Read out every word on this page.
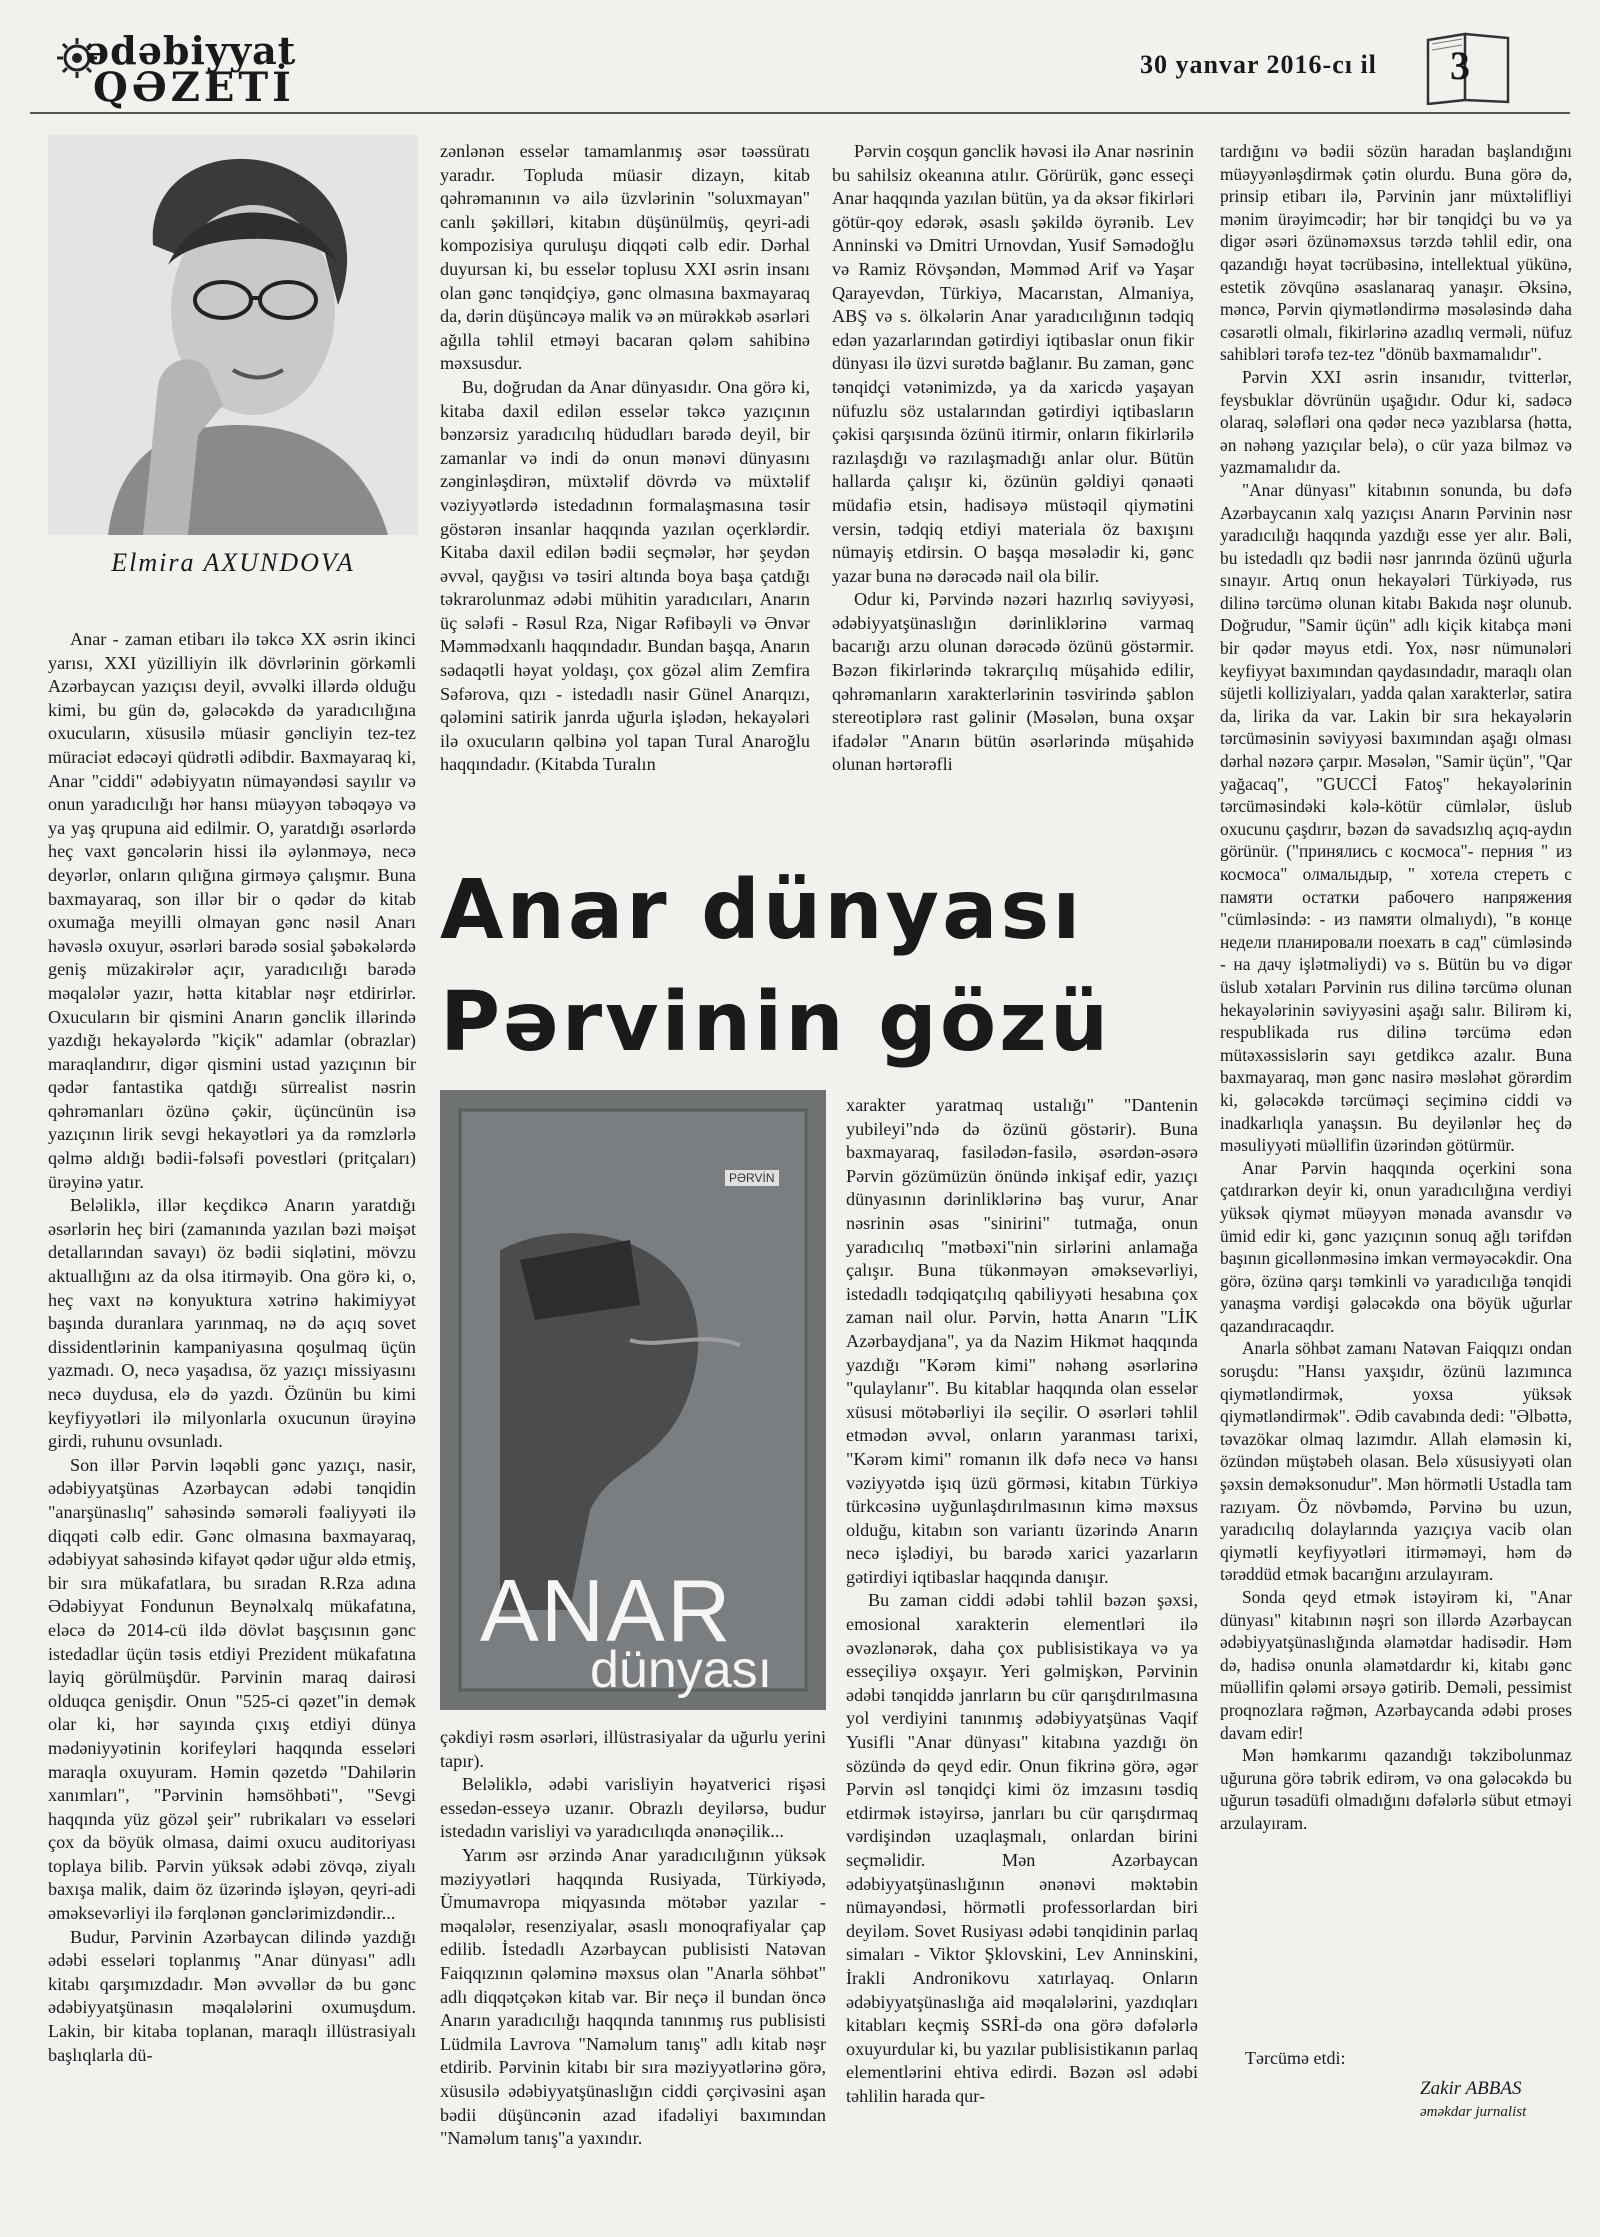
ədəbiyyat
QƏZETİ	30 yanvar 2016-cı il 3
Elmira AXUNDOVA

Anar - zaman etibarı ilə təkcə XX əsrin ikinci yarısı, XXI yüzilliyin ilk dövrlərinin görkəmli Azərbaycan yazıçısı deyil, əvvəlki illərdə olduğu kimi, bu gün də, gələcəkdə də yaradıcılığına oxucuların, xüsusilə müasir gəncliyin tez-tez müraciət edəcəyi qüdrətli ədibdir. Baxmayaraq ki, Anar "ciddi" ədəbiyyatın nümayəndəsi sayılır və onun yaradıcılığı hər hansı müəyyən təbəqəyə və ya yaş qrupuna aid edilmir. O, yaratdığı əsərlərdə heç vaxt gəncələrin hissi ilə əylənməyə, necə deyərlər, onların qılığına girməyə çalışmır. Buna baxmayaraq, son illər bir o qədər də kitab oxumağa meyilli olmayan gənc nəsil Anarı həvəslə oxuyur, əsərləri barədə sosial şəbəkələrdə geniş müzakirələr açır, yaradıcılığı barədə məqalələr yazır, hətta kitablar nəşr etdirirlər. Oxucuların bir qismini Anarın gənclik illərində yazdığı hekayələrdə "kiçik" adamlar (obrazlar) maraqlandırır, digər qismini ustad yazıçının bir qədər fantastika qatdığı sürrealist nəsrin qəhrəmanları özünə çəkir, üçüncünün isə yazıçının lirik sevgi hekayətləri ya da rəmzlərlə qəlmə aldığı bədii-fəlsəfi povestləri (pritçaları) ürəyinə yatır.

Beləliklə, illər keçdikcə Anarın yaratdığı əsərlərin heç biri (zamanında yazılan bəzi məişət detallarından savayı) öz bədii siqlətini, mövzu aktuallığını az da olsa itirməyib. Ona görə ki, o, heç vaxt nə konyuktura xətrinə hakimiyyət başında duranlara yarınmaq, nə də açıq sovet dissidentlərinin kampaniyasına qoşulmaq üçün yazmadı. O, necə yaşadısa, öz yazıçı missiyasını necə duydusa, elə də yazdı. Özünün bu kimi keyfiyyətləri ilə milyonlarla oxucunun ürəyinə girdi, ruhunu ovsunladı.

Son illər Pərvin ləqəbli gənc yazıçı, nasir, ədəbiyyatşünas Azərbaycan ədəbi tənqidin "anarşünaslıq" sahəsində səmərəli fəaliyyəti ilə diqqəti cəlb edir. Gənc olmasına baxmayaraq, ədəbiyyat sahəsində kifayət qədər uğur əldə etmiş, bir sıra mükafatlara, bu sıradan R.Rza adına Ədəbiyyat Fondunun Beynəlxalq mükafatına, eləcə də 2014-cü ildə dövlət başçısının gənc istedadlar üçün təsis etdiyi Prezident mükafatına layiq görülmüşdür. Pərvinin maraq dairəsi olduqca genişdir. Onun "525-ci qəzet"in demək olar ki, hər sayında çıxış etdiyi dünya mədəniyyətinin korifeyləri haqqında esseləri maraqla oxuyuram. Həmin qəzetdə "Dahilərin xanımları", "Pərvinin həmsöhbəti", "Sevgi haqqında yüz gözəl şeir" rubrikaları və esseləri çox da böyük olmasa, daimi oxucu auditoriyası toplaya bilib. Pərvin yüksək ədəbi zövqə, ziyalı baxışa malik, daim öz üzərində işləyən, qeyri-adi əməksevərliyi ilə fərqlənən gənclərimizdəndir...

Budur, Pərvinin Azərbaycan dilində yazdığı ədəbi esseləri toplanmış "Anar dünyası" adlı kitabı qarşımızdadır. Mən əvvəllər də bu gənc ədəbiyyatşünasın məqalələrini oxumuşdum. Lakin, bir kitaba toplanan, maraqlı illüstrasiyalı başlıqlarla dü-

zənlənən esselər tamamlanmış əsər təəssüratı yaradır. Topluda müasir dizayn, kitab qəhrəmanının və ailə üzvlərinin "soluxmayan" canlı şəkilləri, kitabın düşünülmüş, qeyri-adi kompozisiya quruluşu diqqəti cəlb edir. Dərhal duyursan ki, bu esselər toplusu XXI əsrin insanı olan gənc tənqidçiyə, gənc olmasına baxmayaraq da, dərin düşüncəyə malik və ən mürəkkəb əsərləri ağılla təhlil etməyi bacaran qələm sahibinə məxsusdur.

Bu, doğrudan da Anar dünyasıdır. Ona görə ki, kitaba daxil edilən esselər təkcə yazıçının bənzərsiz yaradıcılıq hüdudları barədə deyil, bir zamanlar və indi də onun mənəvi dünyasını zənginləşdirən, müxtəlif dövrdə və müxtəlif vəziyyətlərdə istedadının formalaşmasına təsir göstərən insanlar haqqında yazılan oçerklərdir. Kitaba daxil edilən bədii seçmələr, hər şeydən əvvəl, qayğısı və təsiri altında boya başa çatdığı təkrarolunmaz ədəbi mühitin yaradıcıları, Anarın üç sələfi - Rəsul Rza, Nigar Rəfibəyli və Ənvər Məmmədxanlı haqqındadır. Bundan başqa, Anarın sədaqətli həyat yoldaşı, çox gözəl alim Zemfira Səfərova, qızı - istedadlı nasir Günel Anarqızı, qələmini satirik janrda uğurla işlədən, hekayələri ilə oxucuların qəlbinə yol tapan Tural Anaroğlu haqqındadır. (Kitabda Turalın

Pərvin coşqun gənclik həvəsi ilə Anar nəsrinin bu sahilsiz okeanına atılır. Görürük, gənc esseçi Anar haqqında yazılan bütün, ya da əksər fikirləri götür-qoy edərək, əsaslı şəkildə öyrənib. Lev Anninski və Dmitri Urnovdan, Yusif Səmədoğlu və Ramiz Rövşəndən, Məmməd Arif və Yaşar Qarayevdən, Türkiyə, Macarıstan, Almaniya, ABŞ və s. ölkələrin Anar yaradıcılığının tədqiq edən yazarlarından gətirdiyi iqtibaslar onun fikir dünyası ilə üzvi surətdə bağlanır. Bu zaman, gənc tənqidçi vətənimizdə, ya da xaricdə yaşayan nüfuzlu söz ustalarından gətirdiyi iqtibasların çəkisi qarşısında özünü itirmir, onların fikirlərilə razılaşdığı və razılaşmadığı anlar olur. Bütün hallarda çalışır ki, özünün gəldiyi qənaəti müdafiə etsin, hadisəyə müstəqil qiymətini versin, tədqiq etdiyi materiala öz baxışını nümayiş etdirsin. O başqa məsələdir ki, gənc yazar buna nə dərəcədə nail ola bilir.

Odur ki, Pərvində nəzəri hazırlıq səviyyəsi, ədəbiyyatşünaslığın dərinliklərinə varmaq bacarığı arzu olunan dərəcədə özünü göstərmir. Bəzən fikirlərində təkrarçılıq müşahidə edilir, qəhrəmanların xarakterlərinin təsvirində şablon stereotiplərə rast gəlinir (Məsələn, buna oxşar ifadələr "Anarın bütün əsərlərində müşahidə olunan hərtərəfli

Anar dünyası
Pərvinin gözü
PƏRVİN
ANAR
dünyası

çəkdiyi rəsm əsərləri, illüstrasiyalar da uğurlu yerini tapır).

Beləliklə, ədəbi varisliyin həyatverici rişəsi essedən-esseyə uzanır. Obrazlı deyilərsə, budur istedadın varisliyi və yaradıcılıqda ənənəçilik...

Yarım əsr ərzində Anar yaradıcılığının yüksək məziyyətləri haqqında Rusiyada, Türkiyədə, Ümumavropa miqyasında mötəbər yazılar - məqalələr, resenziyalar, əsaslı monoqrafiyalar çap edilib. İstedadlı Azərbaycan publisisti Natəvan Faiqqızının qələminə məxsus olan "Anarla söhbət" adlı diqqətçəkən kitab var. Bir neçə il bundan öncə Anarın yaradıcılığı haqqında tanınmış rus publisisti Lüdmila Lavrova "Naməlum tanış" adlı kitab nəşr etdirib. Pərvinin kitabı bir sıra məziyyətlərinə görə, xüsusilə ədəbiyyatşünaslığın ciddi çərçivəsini aşan bədii düşüncənin azad ifadəliyi baxımından "Naməlum tanış"a yaxındır.

xarakter yaratmaq ustalığı" "Dantenin yubileyi"ndə də özünü göstərir). Buna baxmayaraq, fasilədən-fasilə, əsərdən-əsərə Pərvin gözümüzün önündə inkişaf edir, yazıçı dünyasının dərinliklərinə baş vurur, Anar nəsrinin əsas "sinirini" tutmağa, onun yaradıcılıq "mətbəxi"nin sirlərini anlamağa çalışır. Buna tükənməyən əməksevərliyi, istedadlı tədqiqatçılıq qabiliyyəti hesabına çox zaman nail olur. Pərvin, hətta Anarın "LİK Azərbaydjana", ya da Nazim Hikmət haqqında yazdığı "Kərəm kimi" nəhəng əsərlərinə "qulaylanır". Bu kitablar haqqında olan esselər xüsusi mötəbərliyi ilə seçilir. O əsərləri təhlil etmədən əvvəl, onların yaranması tarixi, "Kərəm kimi" romanın ilk dəfə necə və hansı vəziyyətdə işıq üzü görməsi, kitabın Türkiyə türkcəsinə uyğunlaşdırılmasının kimə məxsus olduğu, kitabın son variantı üzərində Anarın necə işlədiyi, bu barədə xarici yazarların gətirdiyi iqtibaslar haqqında danışır.

Bu zaman ciddi ədəbi təhlil bəzən şəxsi, emosional xarakterin elementləri ilə əvəzlənərək, daha çox publisistikaya və ya esseçiliyə oxşayır. Yeri gəlmişkən, Pərvinin ədəbi tənqiddə janrların bu cür qarışdırılmasına yol verdiyini tanınmış ədəbiyyatşünas Vaqif Yusifli "Anar dünyası" kitabına yazdığı ön sözündə də qeyd edir. Onun fikrinə görə, əgər Pərvin əsl tənqidçi kimi öz imzasını təsdiq etdirmək istəyirsə, janrları bu cür qarışdırmaq vərdişindən uzaqlaşmalı, onlardan birini seçməlidir. Mən Azərbaycan ədəbiyyatşünaslığının ənənəvi məktəbin nümayəndəsi, hörmətli professorlardan biri deyiləm. Sovet Rusiyası ədəbi tənqidinin parlaq simaları - Viktor Şklovskini, Lev Anninskini, İrakli Andronikovu xatırlayaq. Onların ədəbiyyatşünaslığa aid məqalələrini, yazdıqları kitabları keçmiş SSRİ-də ona görə dəfələrlə oxuyurdular ki, bu yazılar publisistikanın parlaq elementlərini ehtiva edirdi. Bəzən əsl ədəbi təhlilin harada qur-

tardığını və bədii sözün haradan başlandığını müəyyənləşdirmək çətin olurdu. Buna görə də, prinsip etibarı ilə, Pərvinin janr müxtəlifliyi mənim ürəyimcədir; hər bir tənqidçi bu və ya digər əsəri özünəməxsus tərzdə təhlil edir, ona qazandığı həyat təcrübəsinə, intellektual yükünə, estetik zövqünə əsaslanaraq yanaşır. Əksinə, məncə, Pərvin qiymətləndirmə məsələsində daha cəsarətli olmalı, fikirlərinə azadlıq verməli, nüfuz sahibləri tərəfə tez-tez "dönüb baxmamalıdır".

Pərvin XXI əsrin insanıdır, tvitterlər, feysbuklar dövrünün uşağıdır. Odur ki, sadəcə olaraq, sələfləri ona qədər necə yazıblarsa (hətta, ən nəhəng yazıçılar belə), o cür yaza bilməz və yazmamalıdır da.

"Anar dünyası" kitabının sonunda, bu dəfə Azərbaycanın xalq yazıçısı Anarın Pərvinin nəsr yaradıcılığı haqqında yazdığı esse yer alır. Bəli, bu istedadlı qız bədii nəsr janrında özünü uğurla sınayır. Artıq onun hekayələri Türkiyədə, rus dilinə tərcümə olunan kitabı Bakıda nəşr olunub. Doğrudur, "Samir üçün" adlı kiçik kitabça məni bir qədər məyus etdi. Yox, nəsr nümunələri keyfiyyət baxımından qaydasındadır, maraqlı olan süjetli kolliziyaları, yadda qalan xarakterlər, satira da, lirika da var. Lakin bir sıra hekayələrin tərcüməsinin səviyyəsi baxımından aşağı olması dərhal nəzərə çarpır. Məsələn, "Samir üçün", "Qar yağacaq", "GUCCİ Fatoş" hekayələrinin tərcüməsindəki kələ-kötür cümlələr, üslub oxucunu çaşdırır, bəzən də savadsızlıq açıq-aydın görünür. ("принялись с космоса"- перния " из космоса" олмалыдыр, " хотела стереть с памяти остатки рабочего напряжения "cümləsində: - из памяти olmalıydı), "в конце недели планировали поехать в сад" cümləsində - на дачу işlətməliydi) və s. Bütün bu və digər üslub xətaları Pərvinin rus dilinə tərcümə olunan hekayələrinin səviyyəsini aşağı salır. Bilirəm ki, respublikada rus dilinə tərcümə edən mütəxəssislərin sayı getdikcə azalır. Buna baxmayaraq, mən gənc nasirə məsləhət görərdim ki, gələcəkdə tərcüməçi seçiminə ciddi və inadkarlıqla yanaşsın. Bu deyilənlər heç də məsuliyyəti müəllifin üzərindən götürmür.

Anar Pərvin haqqında oçerkini sona çatdırarkən deyir ki, onun yaradıcılığına verdiyi yüksək qiymət müəyyən mənada avansdır və ümid edir ki, gənc yazıçının sonuq ağlı tərifdən başının gicəllənməsinə imkan verməyəcəkdir. Ona görə, özünə qarşı təmkinli və yaradıcılığa tənqidi yanaşma vərdişi gələcəkdə ona böyük uğurlar qazandıracaqdır.

Anarla söhbət zamanı Natəvan Faiqqızı ondan soruşdu: "Hansı yaxşıdır, özünü lazımınca qiymətləndirmək, yoxsa yüksək qiymətləndirmək". Ədib cavabında dedi: "Əlbəttə, təvazökar olmaq lazımdır. Allah eləməsin ki, özündən müştəbeh olasan. Belə xüsusiyyəti olan şəxsin deməksonudur". Mən hörmətli Ustadla tam razıyam. Öz növbəmdə, Pərvinə bu uzun, yaradıcılıq dolaylarında yazıçıya vacib olan qiymətli keyfiyyətləri itirməməyi, həm də tərəddüd etmək bacarığını arzulayıram.

Sonda qeyd etmək istəyirəm ki, "Anar dünyası" kitabının nəşri son illərdə Azərbaycan ədəbiyyatşünaslığında əlamətdar hadisədir. Həm də, hadisə onunla əlamətdardır ki, kitabı gənc müəllifin qələmi ərsəyə gətirib. Deməli, pessimist proqnozlara rəğmən, Azərbaycanda ədəbi proses davam edir!

Mən həmkarımı qazandığı təkzibolunmaz uğuruna görə təbrik edirəm, və ona gələcəkdə bu uğurun təsadüfi olmadığını dəfələrlə sübut etməyi arzulayıram.

Tərcümə etdi:
Zakir ABBAS
əməkdar jurnalist
